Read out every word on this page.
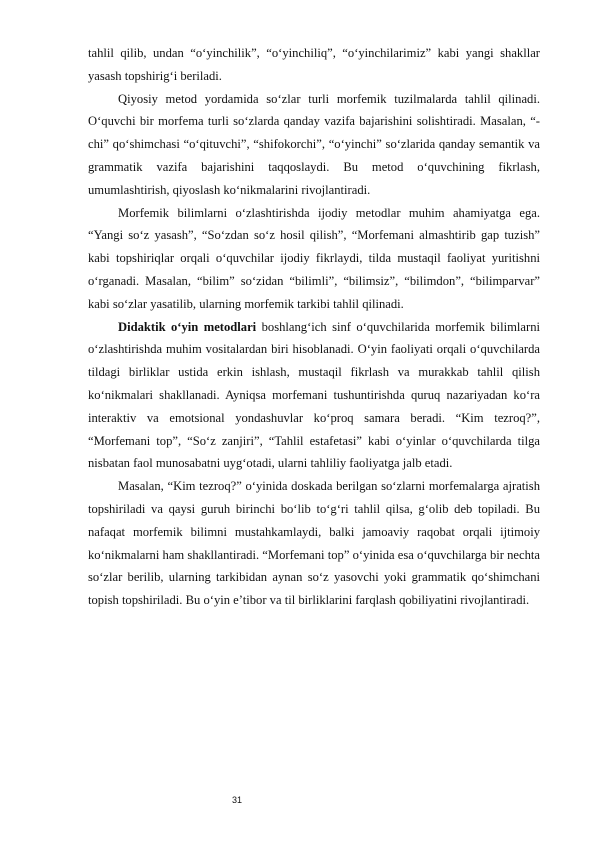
tahlil qilib, undan “o‘yinchilik”, “o‘yinchiliq”, “o‘yinchilarimiz” kabi yangi shakllar yasash topshirig‘i beriladi.

Qiyosiy metod yordamida so‘zlar turli morfemik tuzilmalarda tahlil qilinadi. O‘quvchi bir morfema turli so‘zlarda qanday vazifa bajarishini solishtiradi. Masalan, “-chi” qo‘shimchasi “o‘qituvchi”, “shifokorchi”, “o‘yinchi” so‘zlarida qanday semantik va grammatik vazifa bajarishini taqqoslaydi. Bu metod o‘quvchining fikrlash, umumlashtirish, qiyoslash ko‘nikmalarini rivojlantiradi.

Morfemik bilimlarni o‘zlashtirishda ijodiy metodlar muhim ahamiyatga ega. “Yangi so‘z yasash”, “So‘zdan so‘z hosil qilish”, “Morfemani almashtirib gap tuzish” kabi topshiriqlar orqali o‘quvchilar ijodiy fikrlaydi, tilda mustaqil faoliyat yuritishni o‘rganadi. Masalan, “bilim” so‘zidan “bilimli”, “bilimsiz”, “bilimdon”, “bilimparvar” kabi so‘zlar yasatilib, ularning morfemik tarkibi tahlil qilinadi.

Didaktik o‘yin metodlari boshlang‘ich sinf o‘quvchilarida morfemik bilimlarni o‘zlashtirishda muhim vositalardan biri hisoblanadi. O‘yin faoliyati orqali o‘quvchilarda tildagi birliklar ustida erkin ishlash, mustaqil fikrlash va murakkab tahlil qilish ko‘nikmalari shakllanadi. Ayniqsa morfemani tushuntirishda quruq nazariyadan ko‘ra interaktiv va emotsional yondashuvlar ko‘proq samara beradi. “Kim tezroq?”, “Morfemani top”, “So‘z zanjiri”, “Tahlil estafetasi” kabi o‘yinlar o‘quvchilarda tilga nisbatan faol munosabatni uyg‘otadi, ularni tahliliy faoliyatga jalb etadi.

Masalan, “Kim tezroq?” o‘yinida doskada berilgan so‘zlarni morfemalarga ajratish topshiriladi va qaysi guruh birinchi bo‘lib to‘g‘ri tahlil qilsa, g‘olib deb topiladi. Bu nafaqat morfemik bilimni mustahkamlaydi, balki jamoaviy raqobat orqali ijtimoiy ko‘nikmalarni ham shakllantiradi. “Morfemani top” o‘yinida esa o‘quvchilarga bir nechta so‘zlar berilib, ularning tarkibidan aynan so‘z yasovchi yoki grammatik qo‘shimchani topish topshiriladi. Bu o‘yin e’tibor va til birliklarini farqlash qobiliyatini rivojlantiradi.

31
